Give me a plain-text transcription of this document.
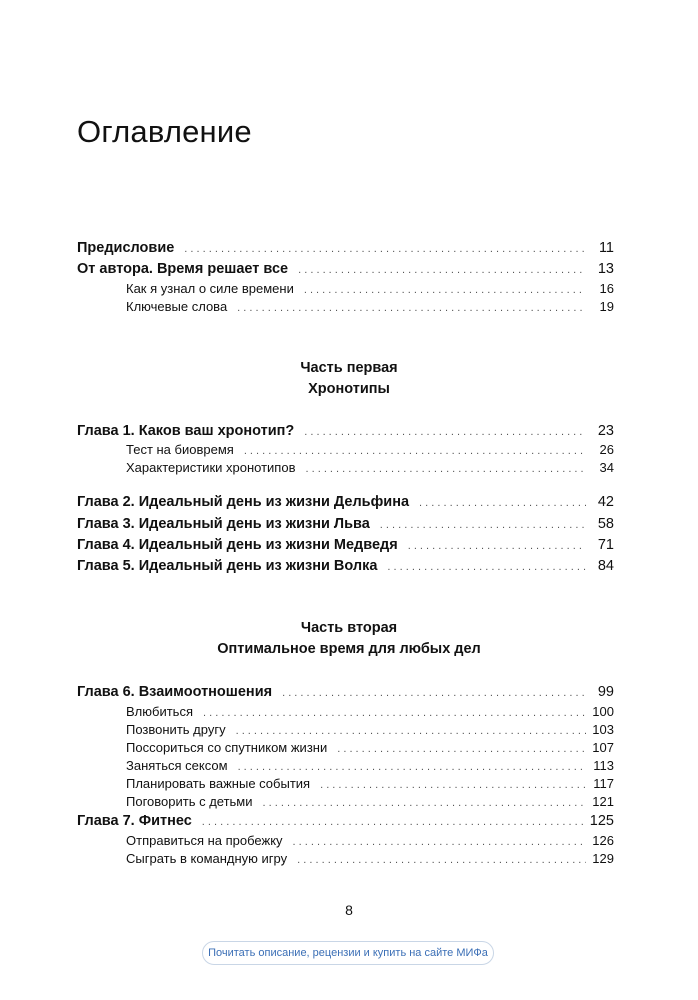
Оглавление
Предисловие . . .	11
От автора. Время решает все . . .	13
Как я узнал о силе времени . . .	16
Ключевые слова . . .	19
Часть первая
Хронотипы
Глава 1. Каков ваш хронотип? . . .	23
Тест на биовремя . . .	26
Характеристики хронотипов . . .	34
Глава 2. Идеальный день из жизни Дельфина . . .	42
Глава 3. Идеальный день из жизни Льва . . .	58
Глава 4. Идеальный день из жизни Медведя . . .	71
Глава 5. Идеальный день из жизни Волка . . .	84
Часть вторая
Оптимальное время для любых дел
Глава 6. Взаимоотношения . . .	99
Влюбиться . . .	100
Позвонить другу . . .	103
Поссориться со спутником жизни . . .	107
Заняться сексом . . .	113
Планировать важные события . . .	117
Поговорить с детьми . . .	121
Глава 7. Фитнес . . .	125
Отправиться на пробежку . . .	126
Сыграть в командную игру . . .	129
8
Почитать описание, рецензии и купить на сайте МИФа
